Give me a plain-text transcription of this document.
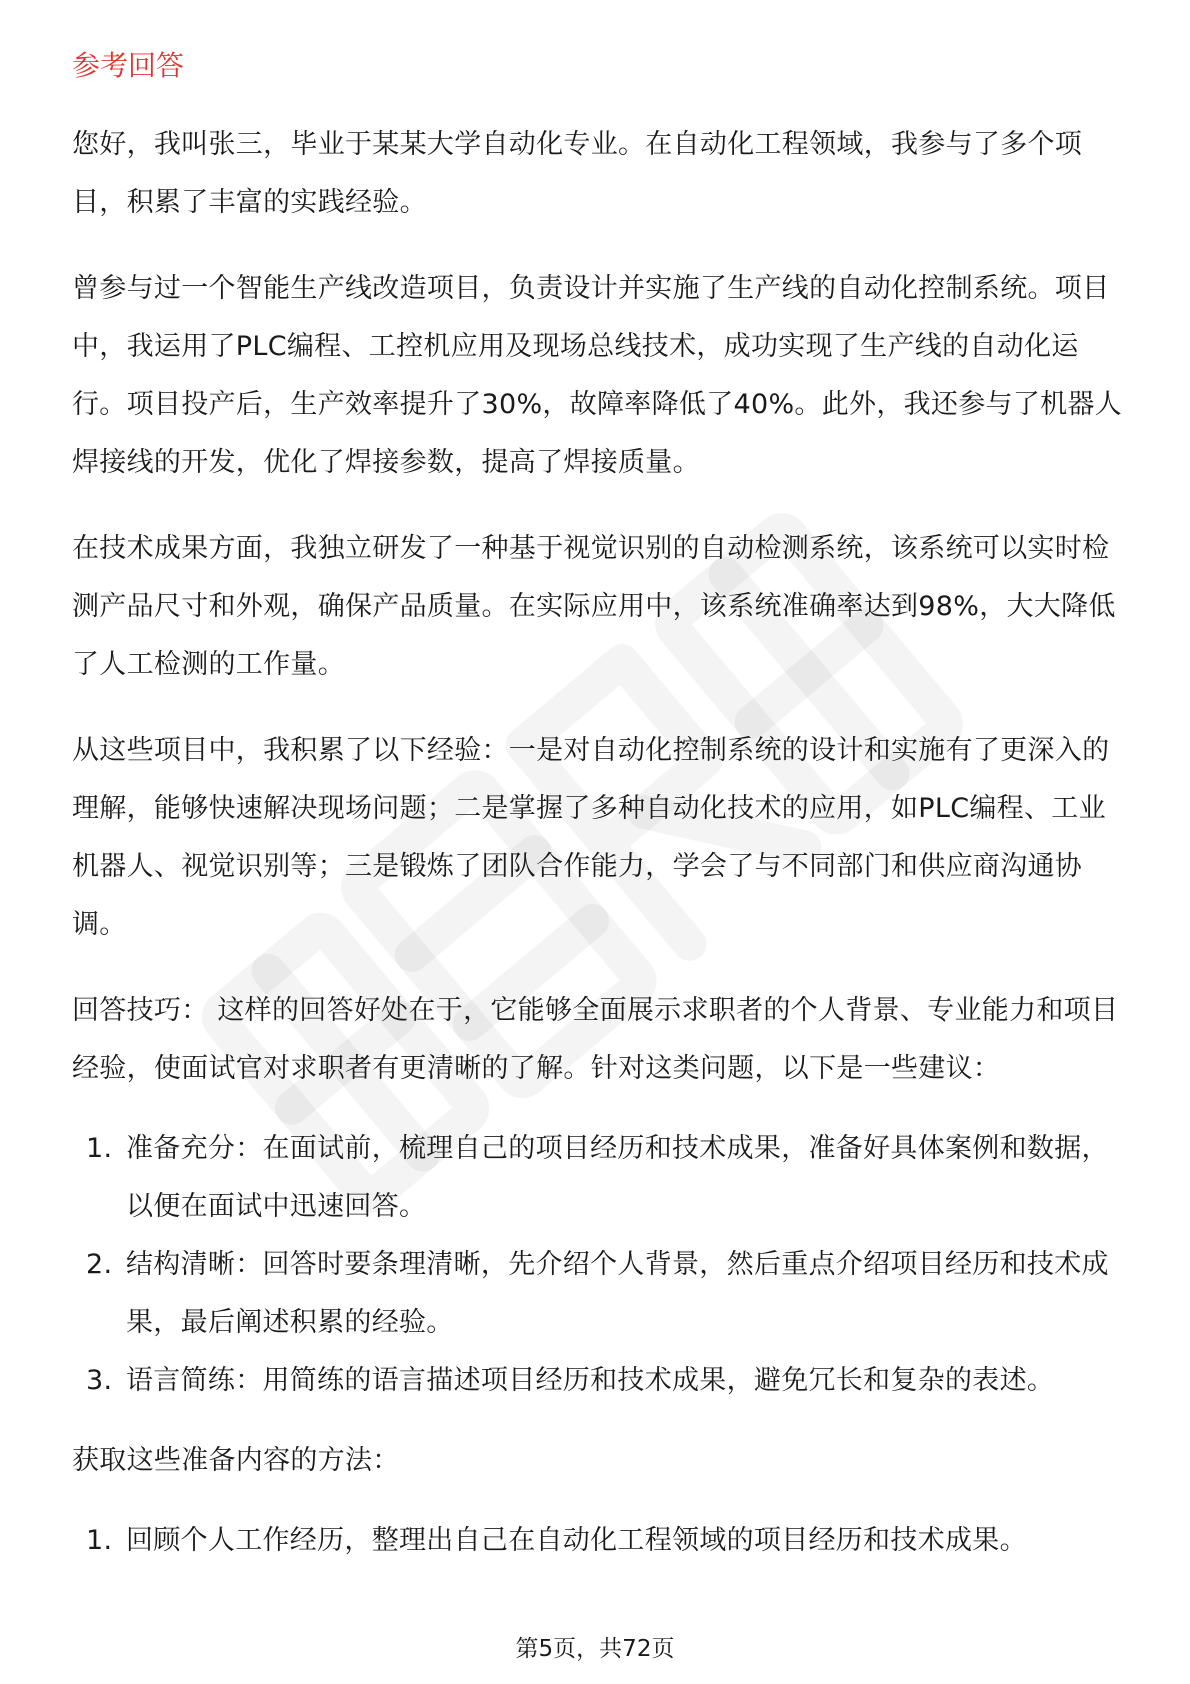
参考回答

您好，我叫张三，毕业于某某大学自动化专业。在自动化工程领域，我参与了多个项目，积累了丰富的实践经验。

曾参与过一个智能生产线改造项目，负责设计并实施了生产线的自动化控制系统。项目中，我运用了PLC编程、工控机应用及现场总线技术，成功实现了生产线的自动化运行。项目投产后，生产效率提升了30%，故障率降低了40%。此外，我还参与了机器人焊接线的开发，优化了焊接参数，提高了焊接质量。

在技术成果方面，我独立研发了一种基于视觉识别的自动检测系统，该系统可以实时检测产品尺寸和外观，确保产品质量。在实际应用中，该系统准确率达到98%，大大降低了人工检测的工作量。

从这些项目中，我积累了以下经验：一是对自动化控制系统的设计和实施有了更深入的理解，能够快速解决现场问题；二是掌握了多种自动化技术的应用，如PLC编程、工业机器人、视觉识别等；三是锻炼了团队合作能力，学会了与不同部门和供应商沟通协调。

回答技巧： 这样的回答好处在于，它能够全面展示求职者的个人背景、专业能力和项目经验，使面试官对求职者有更清晰的了解。针对这类问题，以下是一些建议：

1. 准备充分：在面试前，梳理自己的项目经历和技术成果，准备好具体案例和数据，以便在面试中迅速回答。
2. 结构清晰：回答时要条理清晰，先介绍个人背景，然后重点介绍项目经历和技术成果，最后阐述积累的经验。
3. 语言简练：用简练的语言描述项目经历和技术成果，避免冗长和复杂的表述。

获取这些准备内容的方法：

1. 回顾个人工作经历，整理出自己在自动化工程领域的项目经历和技术成果。
第5页，共72页
